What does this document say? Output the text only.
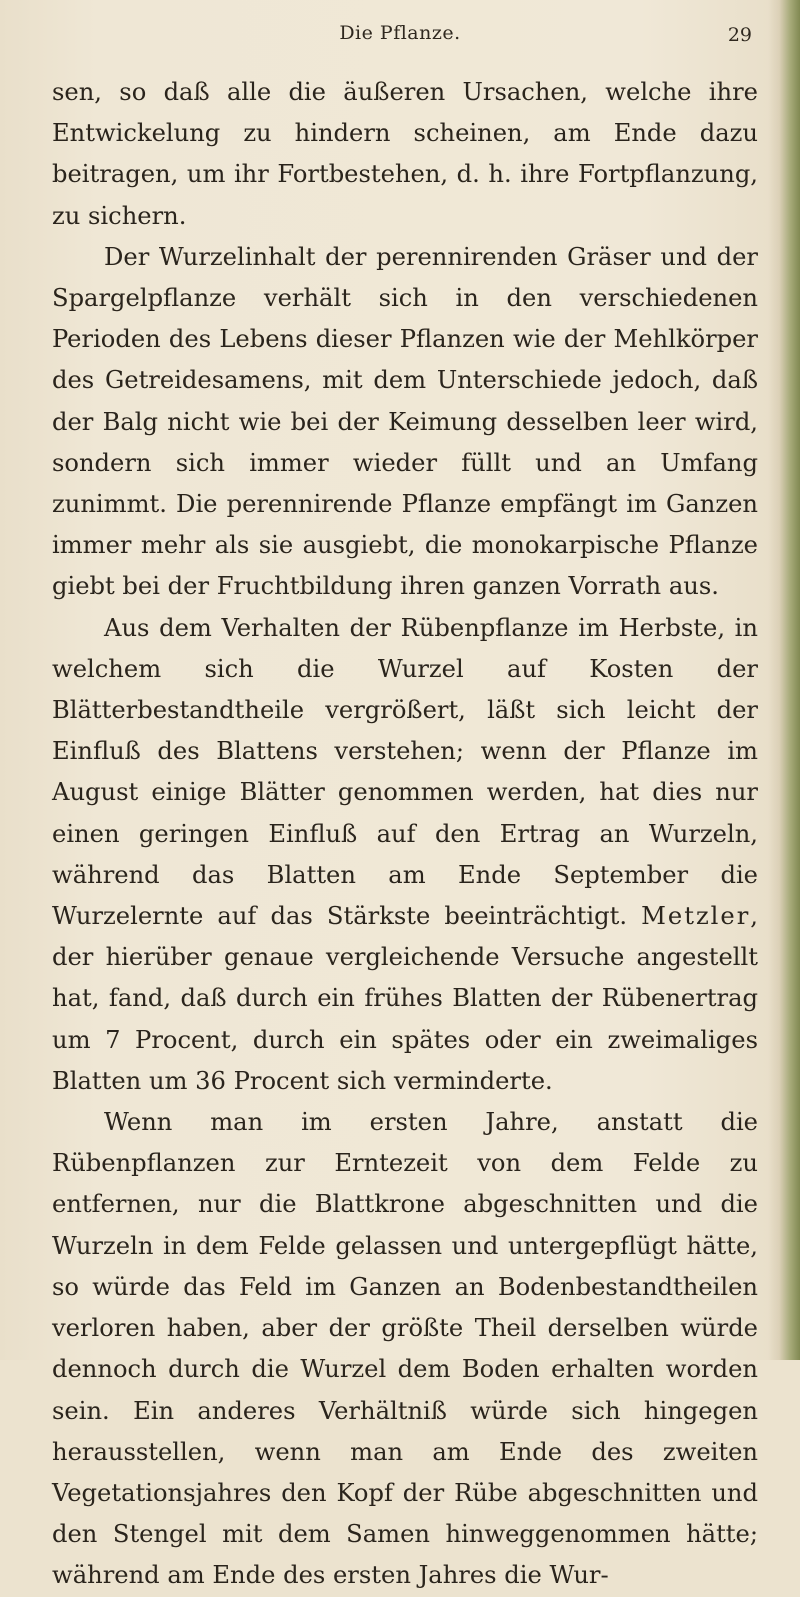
Die Pflanze.	29

sen, so daß alle die äußeren Ursachen, welche ihre Entwickelung zu hindern scheinen, am Ende dazu beitragen, um ihr Fortbestehen, d. h. ihre Fortpflanzung, zu sichern.

Der Wurzelinhalt der perennirenden Gräser und der Spargelpflanze verhält sich in den verschiedenen Perioden des Lebens dieser Pflanzen wie der Mehlkörper des Getreidesamens, mit dem Unterschiede jedoch, daß der Balg nicht wie bei der Keimung desselben leer wird, sondern sich immer wieder füllt und an Umfang zunimmt. Die perennirende Pflanze empfängt im Ganzen immer mehr als sie ausgiebt, die monokarpische Pflanze giebt bei der Fruchtbildung ihren ganzen Vorrath aus.

Aus dem Verhalten der Rübenpflanze im Herbste, in welchem sich die Wurzel auf Kosten der Blätterbestandtheile vergrößert, läßt sich leicht der Einfluß des Blattens verstehen; wenn der Pflanze im August einige Blätter genommen werden, hat dies nur einen geringen Einfluß auf den Ertrag an Wurzeln, während das Blatten am Ende September die Wurzelernte auf das Stärkste beeinträchtigt. Metzler, der hierüber genaue vergleichende Versuche angestellt hat, fand, daß durch ein frühes Blatten der Rübenertrag um 7 Procent, durch ein spätes oder ein zweimaliges Blatten um 36 Procent sich verminderte.

Wenn man im ersten Jahre, anstatt die Rübenpflanzen zur Erntezeit von dem Felde zu entfernen, nur die Blattkrone abgeschnitten und die Wurzeln in dem Felde gelassen und untergepflügt hätte, so würde das Feld im Ganzen an Bodenbestandtheilen verloren haben, aber der größte Theil derselben würde dennoch durch die Wurzel dem Boden erhalten worden sein. Ein anderes Verhältniß würde sich hingegen herausstellen, wenn man am Ende des zweiten Vegetationsjahres den Kopf der Rübe abgeschnitten und den Stengel mit dem Samen hinweggenommen hätte; während am Ende des ersten Jahres die Wur-
